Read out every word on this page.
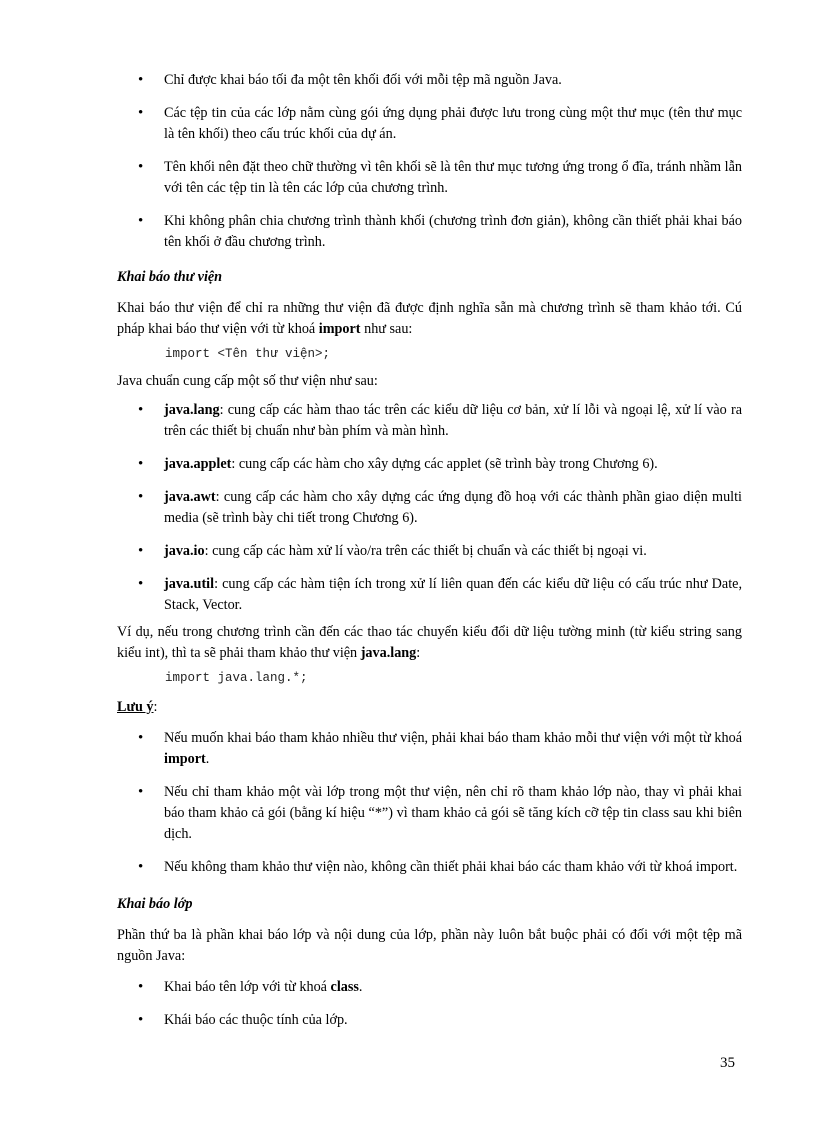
• Chỉ được khai báo tối đa một tên khối đối với mỗi tệp mã nguồn Java.
• Các tệp tin của các lớp nằm cùng gói ứng dụng phải được lưu trong cùng một thư mục (tên thư mục là tên khối) theo cấu trúc khối của dự án.
• Tên khối nên đặt theo chữ thường vì tên khối sẽ là tên thư mục tương ứng trong ổ đĩa, tránh nhầm lẫn với tên các tệp tin là tên các lớp của chương trình.
• Khi không phân chia chương trình thành khối (chương trình đơn giản), không cần thiết phải khai báo tên khối ở đầu chương trình.
Khai báo thư viện

Khai báo thư viện để chỉ ra những thư viện đã được định nghĩa sẵn mà chương trình sẽ tham khảo tới. Cú pháp khai báo thư viện với từ khoá import như sau:

import <Tên thư viện>;

Java chuẩn cung cấp một số thư viện như sau:

• java.lang: cung cấp các hàm thao tác trên các kiểu dữ liệu cơ bản, xử lí lỗi và ngoại lệ, xử lí vào ra trên các thiết bị chuẩn như bàn phím và màn hình.
• java.applet: cung cấp các hàm cho xây dựng các applet (sẽ trình bày trong Chương 6).
• java.awt: cung cấp các hàm cho xây dựng các ứng dụng đồ hoạ với các thành phần giao diện multi media (sẽ trình bày chi tiết trong Chương 6).
• java.io: cung cấp các hàm xử lí vào/ra trên các thiết bị chuẩn và các thiết bị ngoại vi.
• java.util: cung cấp các hàm tiện ích trong xử lí liên quan đến các kiểu dữ liệu có cấu trúc như Date, Stack, Vector.

Ví dụ, nếu trong chương trình cần đến các thao tác chuyển kiểu đổi dữ liệu tường minh (từ kiểu string sang kiểu int), thì ta sẽ phải tham khảo thư viện java.lang:

import java.lang.*;
Lưu ý:
• Nếu muốn khai báo tham khảo nhiều thư viện, phải khai báo tham khảo mỗi thư viện với một từ khoá import.
• Nếu chỉ tham khảo một vài lớp trong một thư viện, nên chỉ rõ tham khảo lớp nào, thay vì phải khai báo tham khảo cả gói (bằng kí hiệu “*”) vì tham khảo cả gói sẽ tăng kích cỡ tệp tin class sau khi biên dịch.
• Nếu không tham khảo thư viện nào, không cần thiết phải khai báo các tham khảo với từ khoá import.
Khai báo lớp

Phần thứ ba là phần khai báo lớp và nội dung của lớp, phần này luôn bắt buộc phải có đối với một tệp mã nguồn Java:

• Khai báo tên lớp với từ khoá class.
• Khái báo các thuộc tính của lớp.
35
